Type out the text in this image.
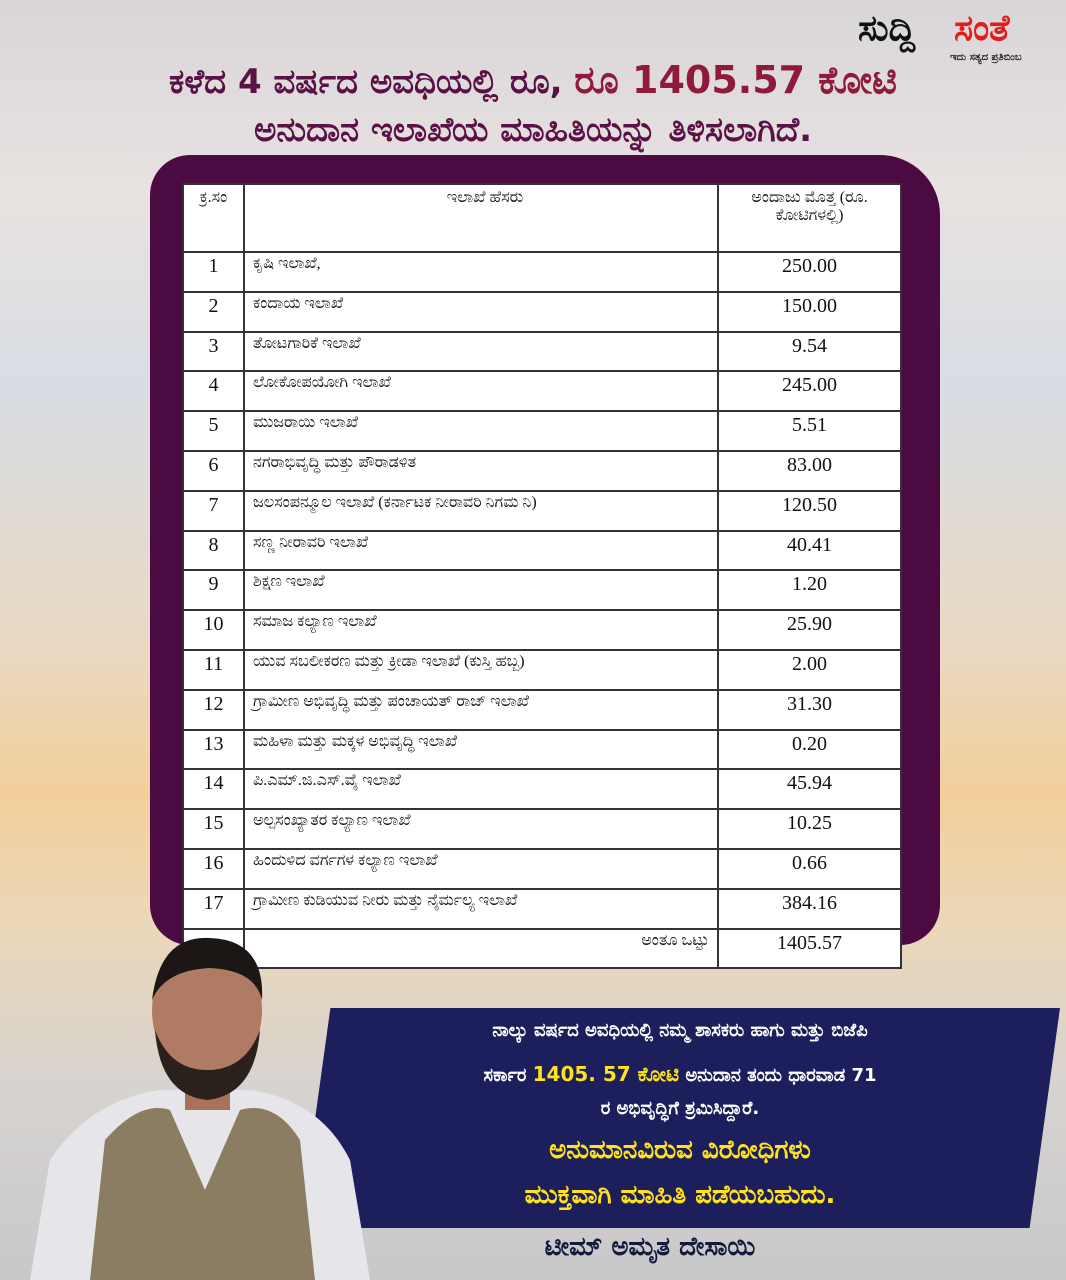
ಸುದ್ದಿ ಸಂತೆ
ಇದು ಸತ್ಯದ ಪ್ರತಿಬಿಂಬ
ಕಳೆದ 4 ವರ್ಷದ ಅವಧಿಯಲ್ಲಿ ರೂ, ರೂ 1405.57 ಕೋಟಿ
ಅನುದಾನ ಇಲಾಖೆಯ ಮಾಹಿತಿಯನ್ನು ತಿಳಿಸಲಾಗಿದೆ.
ಕ್ರ.ಸಂ	ಇಲಾಖೆ ಹೆಸರು	ಅಂದಾಜು ಮೊತ್ತ (ರೂ. ಕೋಟಿಗಳಲ್ಲಿ)
1	ಕೃಷಿ ಇಲಾಖೆ,	250.00
2	ಕಂದಾಯ ಇಲಾಖೆ	150.00
3	ತೋಟಗಾರಿಕೆ ಇಲಾಖೆ	9.54
4	ಲೋಕೋಪಯೋಗಿ ಇಲಾಖೆ	245.00
5	ಮುಜರಾಯಿ ಇಲಾಖೆ	5.51
6	ನಗರಾಭಿವೃದ್ಧಿ ಮತ್ತು ಪೌರಾಡಳಿತ	83.00
7	ಜಲಸಂಪನ್ಮೂಲ ಇಲಾಖೆ (ಕರ್ನಾಟಕ ನೀರಾವರಿ ನಿಗಮ ನಿ)	120.50
8	ಸಣ್ಣ ನೀರಾವರಿ ಇಲಾಖೆ	40.41
9	ಶಿಕ್ಷಣ ಇಲಾಖೆ	1.20
10	ಸಮಾಜ ಕಲ್ಯಾಣ ಇಲಾಖೆ	25.90
11	ಯುವ ಸಬಲೀಕರಣ ಮತ್ತು ಕ್ರೀಡಾ ಇಲಾಖೆ (ಕುಸ್ತಿ ಹಬ್ಬ)	2.00
12	ಗ್ರಾಮೀಣ ಅಭಿವೃದ್ಧಿ ಮತ್ತು ಪಂಚಾಯತ್ ರಾಜ್ ಇಲಾಖೆ	31.30
13	ಮಹಿಳಾ ಮತ್ತು ಮಕ್ಕಳ ಅಭಿವೃದ್ಧಿ ಇಲಾಖೆ	0.20
14	ಪಿ.ಎಮ್.ಜಿ.ಎಸ್.ವೈ ಇಲಾಖೆ	45.94
15	ಅಲ್ಪಸಂಖ್ಯಾತರ ಕಲ್ಯಾಣ ಇಲಾಖೆ	10.25
16	ಹಿಂದುಳಿದ ವರ್ಗಗಳ ಕಲ್ಯಾಣ ಇಲಾಖೆ	0.66
17	ಗ್ರಾಮೀಣ ಕುಡಿಯುವ ನೀರು ಮತ್ತು ನೈರ್ಮಲ್ಯ ಇಲಾಖೆ	384.16
	ಅಂತೂ ಒಟ್ಟು	1405.57
ನಾಲ್ಕು ವರ್ಷದ ಅವಧಿಯಲ್ಲಿ ನಮ್ಮ ಶಾಸಕರು ಹಾಗು ಮತ್ತು ಬಿಜೆಪಿ
ಸರ್ಕಾರ 1405. 57 ಕೋಟಿ ಅನುದಾನ ತಂದು ಧಾರವಾಡ 71
ರ ಅಭಿವೃದ್ಧಿಗೆ ಶ್ರಮಿಸಿದ್ದಾರೆ.
ಅನುಮಾನವಿರುವ ವಿರೋಧಿಗಳು
ಮುಕ್ತವಾಗಿ ಮಾಹಿತಿ ಪಡೆಯಬಹುದು.
ಟೀಮ್ ಅಮೃತ ದೇಸಾಯಿ
